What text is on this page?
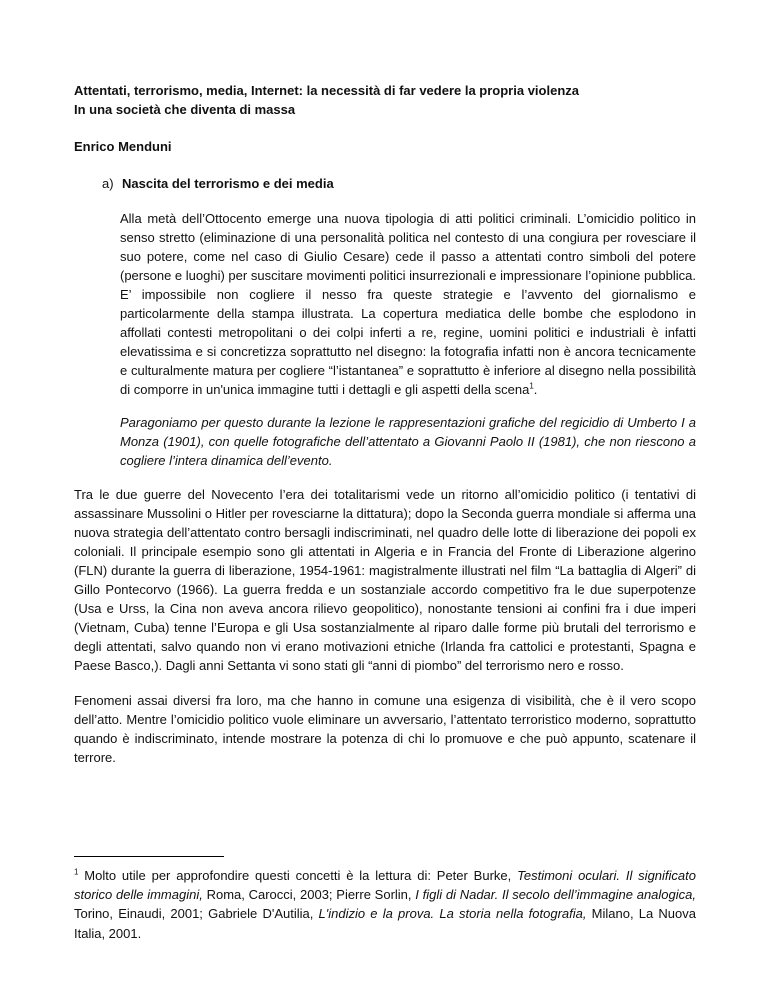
Attentati, terrorismo, media, Internet: la necessità di far vedere la propria violenza

In una società che diventa di massa

Enrico Menduni

a) Nascita del terrorismo e dei media

Alla metà dell’Ottocento emerge una nuova tipologia di atti politici criminali. L’omicidio politico in senso stretto (eliminazione di una personalità politica nel contesto di una congiura per rovesciare il suo potere, come nel caso di Giulio Cesare) cede il passo a attentati contro simboli del potere (persone e luoghi) per suscitare movimenti politici insurrezionali e impressionare l’opinione pubblica. E’ impossibile non cogliere il nesso fra queste strategie e l’avvento del giornalismo e particolarmente della stampa illustrata. La copertura mediatica delle bombe che esplodono in affollati contesti metropolitani o dei colpi inferti a re, regine, uomini politici e industriali è infatti elevatissima e si concretizza soprattutto nel disegno: la fotografia infatti non è ancora tecnicamente e culturalmente matura per cogliere “l’istantanea” e soprattutto è inferiore al disegno nella possibilità di comporre in un'unica immagine tutti i dettagli e gli aspetti della scena$^1$.

Paragoniamo per questo durante la lezione le rappresentazioni grafiche del regicidio di Umberto I a Monza (1901), con quelle fotografiche dell’attentato a Giovanni Paolo II (1981), che non riescono a cogliere l’intera dinamica dell’evento.

Tra le due guerre del Novecento l’era dei totalitarismi vede un ritorno all’omicidio politico (i tentativi di assassinare Mussolini o Hitler per rovesciarne la dittatura); dopo la Seconda guerra mondiale si afferma una nuova strategia dell’attentato contro bersagli indiscriminati, nel quadro delle lotte di liberazione dei popoli ex coloniali. Il principale esempio sono gli attentati in Algeria e in Francia del Fronte di Liberazione algerino (FLN) durante la guerra di liberazione, 1954-1961: magistralmente illustrati nel film “La battaglia di Algeri” di Gillo Pontecorvo (1966). La guerra fredda e un sostanziale accordo competitivo fra le due superpotenze (Usa e Urss, la Cina non aveva ancora rilievo geopolitico), nonostante tensioni ai confini fra i due imperi (Vietnam, Cuba) tenne l’Europa e gli Usa sostanzialmente al riparo dalle forme più brutali del terrorismo e degli attentati, salvo quando non vi erano motivazioni etniche (Irlanda fra cattolici e protestanti, Spagna e Paese Basco,). Dagli anni Settanta vi sono stati gli “anni di piombo” del terrorismo nero e rosso.

Fenomeni assai diversi fra loro, ma che hanno in comune una esigenza di visibilità, che è il vero scopo dell’atto. Mentre l’omicidio politico vuole eliminare un avversario, l’attentato terroristico moderno, soprattutto quando è indiscriminato, intende mostrare la potenza di chi lo promuove e che può appunto, scatenare il terrore.

$^1$ Molto utile per approfondire questi concetti è la lettura di: Peter Burke, Testimoni oculari. Il significato storico delle immagini, Roma, Carocci, 2003; Pierre Sorlin, I figli di Nadar. Il secolo dell’immagine analogica, Torino, Einaudi, 2001; Gabriele D'Autilia, L'indizio e la prova. La storia nella fotografia, Milano, La Nuova Italia, 2001.
